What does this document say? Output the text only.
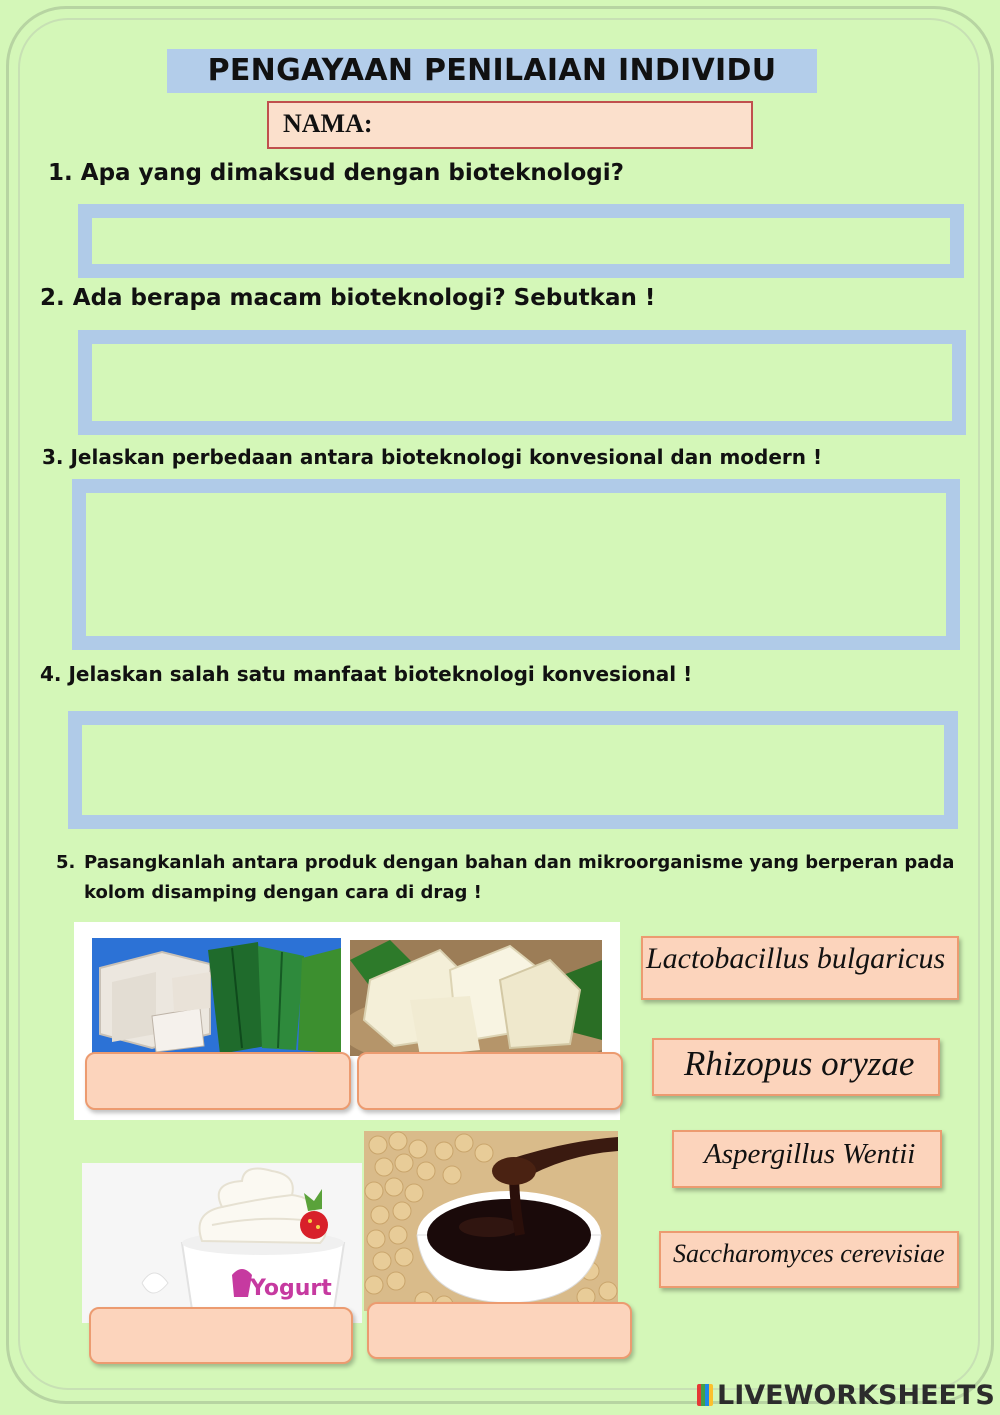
PENGAYAAN PENILAIAN INDIVIDU
NAMA:
1. Apa yang dimaksud dengan bioteknologi?
2. Ada berapa macam bioteknologi? Sebutkan !
3. Jelaskan perbedaan antara bioteknologi konvesional dan modern !
4. Jelaskan salah satu manfaat bioteknologi konvesional !
5. Pasangkanlah antara produk dengan bahan dan mikroorganisme yang berperan pada kolom disamping dengan cara di drag !
Yogurt
Lactobacillus bulgaricus
Rhizopus oryzae
Aspergillus Wentii
Saccharomyces cerevisiae
LIVEWORKSHEETS
